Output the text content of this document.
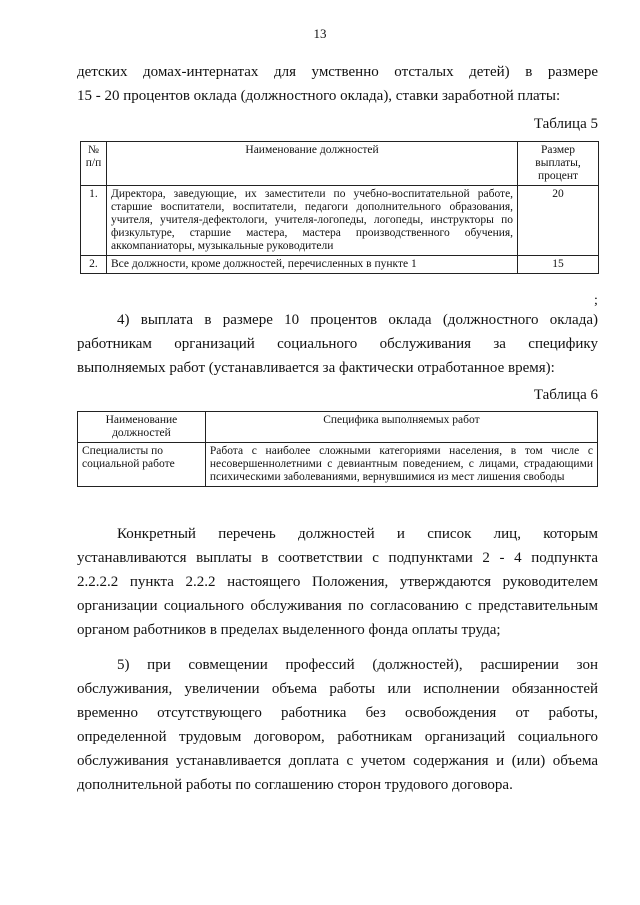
13
детских домах-интернатах для умственно отсталых детей) в размере
15 - 20 процентов оклада (должностного оклада), ставки заработной платы:
Таблица 5
№ п/п	Наименование должностей	Размер выплаты, процент
1.	Директора, заведующие, их заместители по учебно-воспитательной работе, старшие воспитатели, воспитатели, педагоги дополнительного образования, учителя, учителя-дефектологи, учителя-логопеды, логопеды, инструкторы по физкультуре, старшие мастера, мастера производственного обучения, аккомпаниаторы, музыкальные руководители	20
2.	Все должности, кроме должностей, перечисленных в пункте 1	15
;
4) выплата в размере 10 процентов оклада (должностного оклада)
работникам организаций социального обслуживания за специфику
выполняемых работ (устанавливается за фактически отработанное время):
Таблица 6
Наименование должностей	Специфика выполняемых работ
Специалисты по социальной работе	Работа с наиболее сложными категориями населения, в том числе с несовершеннолетними с девиантным поведением, с лицами, страдающими психическими заболеваниями, вернувшимися из мест лишения свободы
Конкретный перечень должностей и список лиц, которым
устанавливаются выплаты в соответствии с подпунктами 2 - 4 подпункта
2.2.2.2 пункта 2.2.2 настоящего Положения, утверждаются руководителем
организации социального обслуживания по согласованию с представительным
органом работников в пределах выделенного фонда оплаты труда;
5) при совмещении профессий (должностей), расширении зон
обслуживания, увеличении объема работы или исполнении обязанностей
временно отсутствующего работника без освобождения от работы,
определенной трудовым договором, работникам организаций социального
обслуживания устанавливается доплата с учетом содержания и (или) объема
дополнительной работы по соглашению сторон трудового договора.
